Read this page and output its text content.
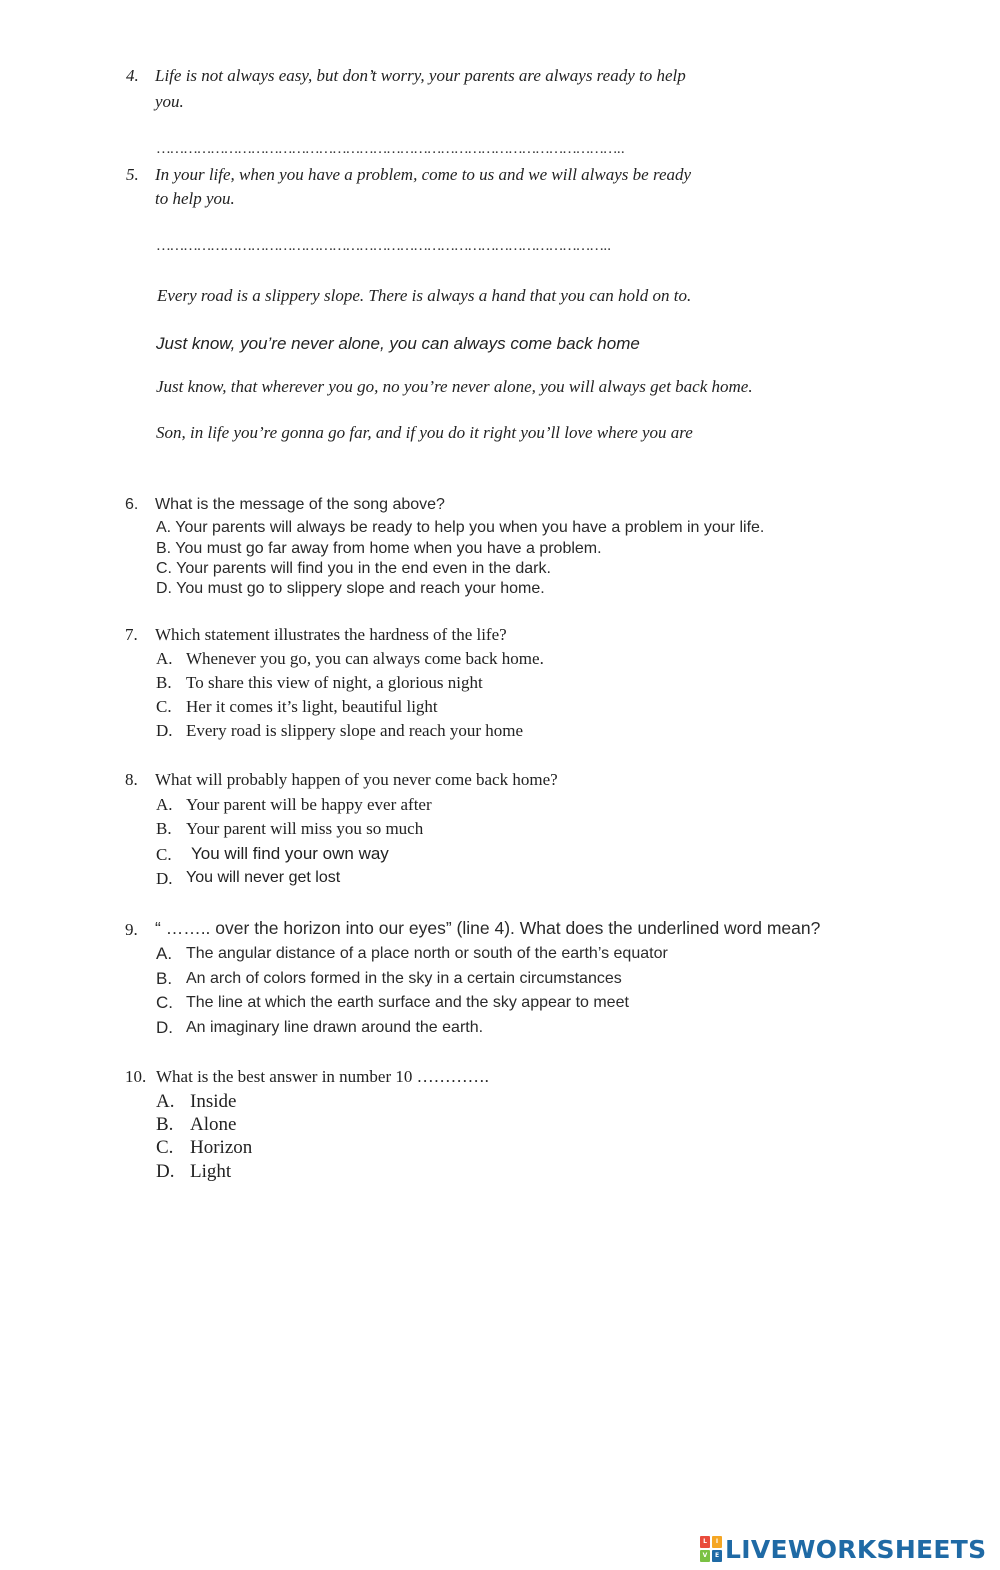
4. Life is not always easy, but don’t worry, your parents are always ready to help
you.
…………………………………………………………………………………………..
5. In your life, when you have a problem, come to us and we will always be ready
to help you.
………………………………………………………………………………………..
Every road is a slippery slope. There is always a hand that you can hold on to.
Just know, you’re never alone, you can always come back home
Just know, that wherever you go, no you’re never alone, you will always get back home.
Son, in life you’re gonna go far, and if you do it right you’ll love where you are
6. What is the message of the song above?
A. Your parents will always be ready to help you when you have a problem in your life.
B. You must go far away from home when you have a problem.
C. Your parents will find you in the end even in the dark.
D. You must go to slippery slope and reach your home.
7. Which statement illustrates the hardness of the life?
A. Whenever you go, you can always come back home.
B. To share this view of night, a glorious night
C. Her it comes it’s light, beautiful light
D. Every road is slippery slope and reach your home
8. What will probably happen of you never come back home?
A. Your parent will be happy ever after
B. Your parent will miss you so much
C. You will find your own way
D. You will never get lost
9. “ …….. over the horizon into our eyes” (line 4). What does the underlined word mean?
A. The angular distance of a place north or south of the earth’s equator
B. An arch of colors formed in the sky in a certain circumstances
C. The line at which the earth surface and the sky appear to meet
D. An imaginary line drawn around the earth.
10. What is the best answer in number 10 ………….
A. Inside
B. Alone
C. Horizon
D. Light
L	I
V	E LIVEWORKSHEETS
